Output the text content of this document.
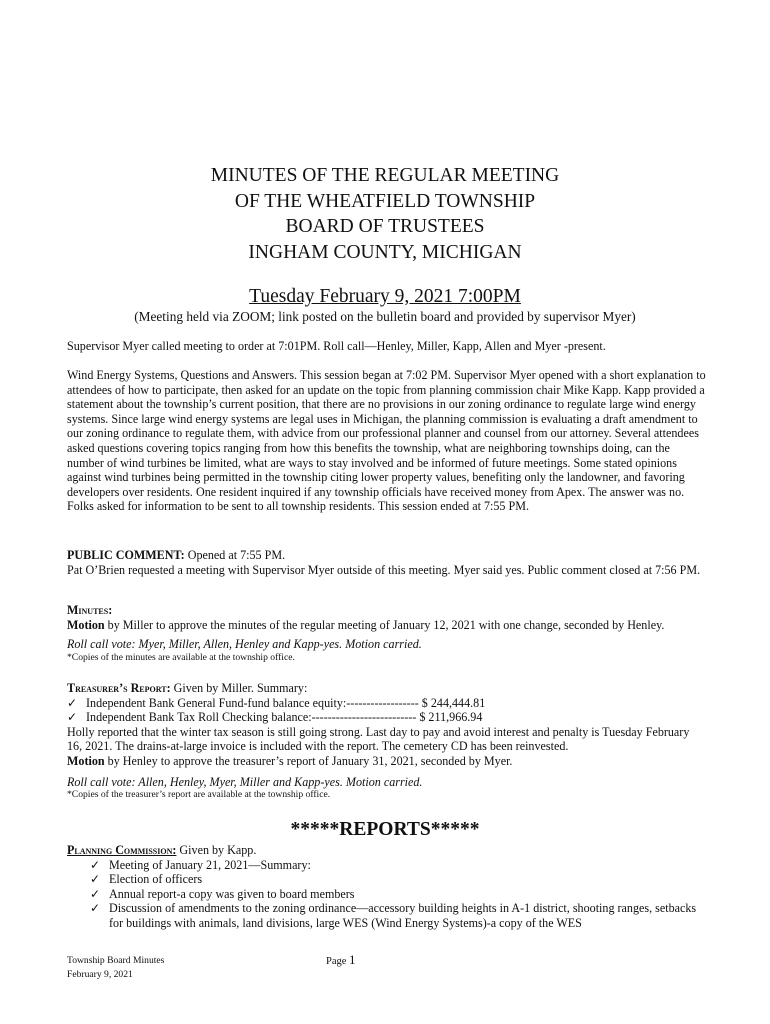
MINUTES OF THE REGULAR MEETING

OF THE WHEATFIELD TOWNSHIP

BOARD OF TRUSTEES

INGHAM COUNTY, MICHIGAN

Tuesday February 9, 2021 7:00PM
(Meeting held via ZOOM; link posted on the bulletin board and provided by supervisor Myer)

Supervisor Myer called meeting to order at 7:01PM. Roll call—Henley, Miller, Kapp, Allen and Myer -present.

Wind Energy Systems, Questions and Answers. This session began at 7:02 PM. Supervisor Myer opened with a short explanation to attendees of how to participate, then asked for an update on the topic from planning commission chair Mike Kapp. Kapp provided a statement about the township’s current position, that there are no provisions in our zoning ordinance to regulate large wind energy systems. Since large wind energy systems are legal uses in Michigan, the planning commission is evaluating a draft amendment to our zoning ordinance to regulate them, with advice from our professional planner and counsel from our attorney. Several attendees asked questions covering topics ranging from how this benefits the township, what are neighboring townships doing, can the number of wind turbines be limited, what are ways to stay involved and be informed of future meetings. Some stated opinions against wind turbines being permitted in the township citing lower property values, benefiting only the landowner, and favoring developers over residents. One resident inquired if any township officials have received money from Apex. The answer was no. Folks asked for information to be sent to all township residents. This session ended at 7:55 PM.

PUBLIC COMMENT: Opened at 7:55 PM.

Pat O’Brien requested a meeting with Supervisor Myer outside of this meeting. Myer said yes. Public comment closed at 7:56 PM.

Minutes:

Motion by Miller to approve the minutes of the regular meeting of January 12, 2021 with one change, seconded by Henley.

Roll call vote: Myer, Miller, Allen, Henley and Kapp-yes. Motion carried.

*Copies of the minutes are available at the township office.

Treasurer’s Report: Given by Miller. Summary:

✓ Independent Bank General Fund-fund balance equity:------------------ $ 244,444.81
✓ Independent Bank Tax Roll Checking balance:-------------------------- $ 211,966.94

Holly reported that the winter tax season is still going strong. Last day to pay and avoid interest and penalty is Tuesday February 16, 2021. The drains-at-large invoice is included with the report. The cemetery CD has been reinvested.

Motion by Henley to approve the treasurer’s report of January 31, 2021, seconded by Myer.

Roll call vote: Allen, Henley, Myer, Miller and Kapp-yes. Motion carried.

*Copies of the treasurer’s report are available at the township office.

*****REPORTS*****

Planning Commission: Given by Kapp.

✓ Meeting of January 21, 2021—Summary:
✓ Election of officers
✓ Annual report-a copy was given to board members
✓ Discussion of amendments to the zoning ordinance—accessory building heights in A-1 district, shooting ranges, setbacks for buildings with animals, land divisions, large WES (Wind Energy Systems)-a copy of the WES
Township Board Minutes
February 9, 2021
Page 1
